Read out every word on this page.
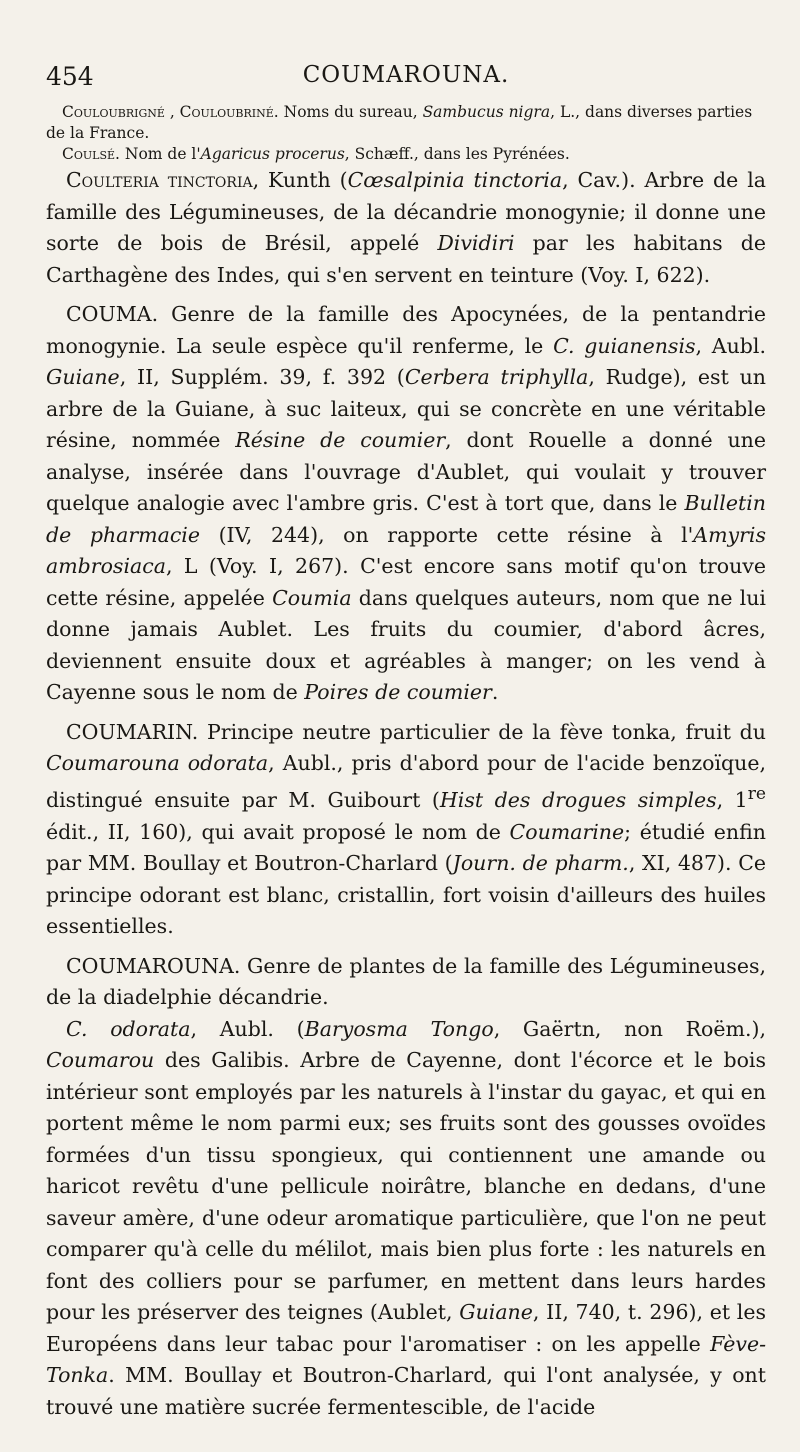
454	COUMAROUNA.

Couloubrigné , Couloubriné. Noms du sureau, Sambucus nigra, L., dans diverses parties de la France.

Coulsé. Nom de l'Agaricus procerus, Schæff., dans les Pyrénées.

Coulteria tinctoria, Kunth (Cœsalpinia tinctoria, Cav.). Arbre de la famille des Légumineuses, de la décandrie monogynie; il donne une sorte de bois de Brésil, appelé Dividiri par les habitans de Carthagène des Indes, qui s'en servent en teinture (Voy. I, 622).

COUMA. Genre de la famille des Apocynées, de la pentandrie monogynie. La seule espèce qu'il renferme, le C. guianensis, Aubl. Guiane, II, Supplém. 39, f. 392 (Cerbera triphylla, Rudge), est un arbre de la Guiane, à suc laiteux, qui se concrète en une véritable résine, nommée Résine de coumier, dont Rouelle a donné une analyse, insérée dans l'ouvrage d'Aublet, qui voulait y trouver quelque analogie avec l'ambre gris. C'est à tort que, dans le Bulletin de pharmacie (IV, 244), on rapporte cette résine à l'Amyris ambrosiaca, L (Voy. I, 267). C'est encore sans motif qu'on trouve cette résine, appelée Coumia dans quelques auteurs, nom que ne lui donne jamais Aublet. Les fruits du coumier, d'abord âcres, deviennent ensuite doux et agréables à manger; on les vend à Cayenne sous le nom de Poires de coumier.

COUMARIN. Principe neutre particulier de la fève tonka, fruit du Coumarouna odorata, Aubl., pris d'abord pour de l'acide benzoïque, distingué ensuite par M. Guibourt (Hist des drogues simples, 1re édit., II, 160), qui avait proposé le nom de Coumarine; étudié enfin par MM. Boullay et Boutron-Charlard (Journ. de pharm., XI, 487). Ce principe odorant est blanc, cristallin, fort voisin d'ailleurs des huiles essentielles.

COUMAROUNA. Genre de plantes de la famille des Légumineuses, de la diadelphie décandrie.

C. odorata, Aubl. (Baryosma Tongo, Gaërtn, non Roëm.), Coumarou des Galibis. Arbre de Cayenne, dont l'écorce et le bois intérieur sont employés par les naturels à l'instar du gayac, et qui en portent même le nom parmi eux; ses fruits sont des gousses ovoïdes formées d'un tissu spongieux, qui contiennent une amande ou haricot revêtu d'une pellicule noirâtre, blanche en dedans, d'une saveur amère, d'une odeur aromatique particulière, que l'on ne peut comparer qu'à celle du mélilot, mais bien plus forte : les naturels en font des colliers pour se parfumer, en mettent dans leurs hardes pour les préserver des teignes (Aublet, Guiane, II, 740, t. 296), et les Européens dans leur tabac pour l'aromatiser : on les appelle Fève-Tonka. MM. Boullay et Boutron-Charlard, qui l'ont analysée, y ont trouvé une matière sucrée fermentescible, de l'acide
